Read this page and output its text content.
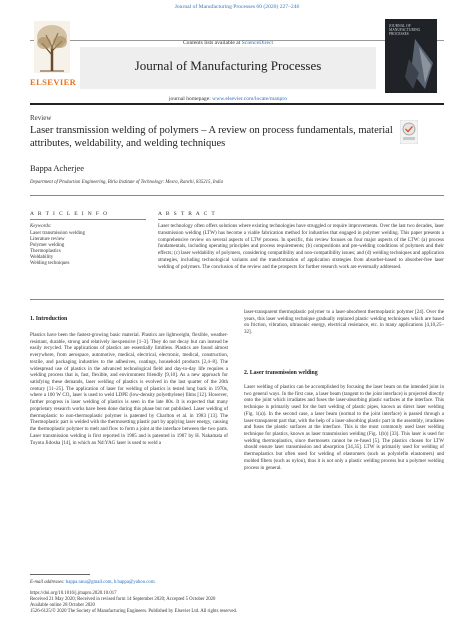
Journal of Manufacturing Processes 60 (2020) 227–246
Contents lists available at ScienceDirect
Journal of Manufacturing Processes
journal homepage: www.elsevier.com/locate/manpro
ELSEVIER
JOURNAL OF MANUFACTURING PROCESSES
Review
Laser transmission welding of polymers – A review on process fundamentals, material attributes, weldability, and welding techniques
Bappa Acherjee
Department of Production Engineering, Birla Institute of Technology: Mesra, Ranchi, 835215, India
A R T I C L E I N F O	A B S T R A C T
Keywords:
Laser transmission welding
Literature review
Polymer welding
Thermoplastics
Weldability
Welding techniques
Laser technology often offers solutions where existing technologies have struggled or require improvements. Over the last two decades, laser transmission welding (LTW) has become a viable fabrication method for industries that engaged in polymer welding. This paper presents a comprehensive review on several aspects of LTW process. In specific, this review focuses on four major aspects of the LTW: (a) process fundamentals, including operating principles and process requirements; (b) compositions and pre-welding conditions of polymers and their effects; (c) laser weldability of polymers, considering compatibility and non-compatibility issues; and (d) welding techniques and application strategies, including technological variants and the transformation of application strategies from absorber-based to absorber-free laser welding of polymers. The conclusion of the review and the prospects for further research work are eventually addressed.
1. Introduction
Plastics have been the fastest-growing basic material. Plastics are lightweight, flexible, weather-resistant, durable, strong and relatively inexpensive [1–3]. They do not decay but can instead be easily recycled. The applications of plastics are essentially limitless. Plastics are found almost everywhere, from aerospace, automotive, medical, electrical, electronic, medical, construction, textile, and packaging industries to the adhesives, coatings, household products [2,4–8]. The widespread use of plastics in the advanced technological field and day-to-day life requires a welding process that is, fast, flexible, and environment friendly [9,10]. As a new approach for satisfying these demands, laser welding of plastics is evolved in the last quarter of the 20th century [11–25]. The application of laser for welding of plastics is tested long back in 1970s, where a 100 W CO₂ laser is used to weld LDPE (low-density polyethylene) films [12]. However, further progress in laser welding of plastics is seen in the late 80s. It is expected that many proprietary research works have been done during this phase but not published. Laser welding of thermoplastic to non-thermoplastic polymer is patented by Charlton et al. in 1983 [13]. The Thermoplastic part is welded with the thermosetting plastic part by applying laser energy, causing the thermoplastic polymer to melt and flow to form a joint at the interface between the two parts. Laser transmission welding is first reported in 1985 and is patented in 1987 by H. Nakamata of Toyota Jidosha [14], in which an Nd:YAG laser is used to weld a
laser-transparent thermoplastic polymer to a laser-absorbent thermoplastic polymer [24]. Over the years, this laser welding technique gradually replaced plastic welding techniques which are based on friction, vibration, ultrasonic energy, electrical resistance, etc. in many applications [4,10,25–32].
2. Laser transmission welding
Laser welding of plastics can be accomplished by focusing the laser beam on the intended joint in two general ways. In the first case, a laser beam (tangent to the joint interface) is projected directly onto the joint which irradiates and fuses the laser-absorbing plastic surfaces at the interface. This technique is primarily used for the butt welding of plastic pipes, known as direct laser welding (Fig. 1(a)). In the second case, a laser beam (normal to the joint interface) is passed through a laser-transparent part that, with the help of a laser-absorbing plastic part in the assembly, irradiates and fuses the plastic surfaces at the interface. This is the most commonly used laser welding technique for plastics, known as laser transmission welding (Fig. 1(b)) [33]. This laser is used for welding thermoplastics, since thermosets cannot be re-fused [5]. The plastics chosen for LTW should ensure laser transmission and absorption [34,35]. LTW is primarily used for welding of thermoplastics but often used for welding of elastomers (such as polyolefin elastomers) and molded fibers (such as nylon), thus it is not only a plastic welding process but a polymer welding process in general.
E-mail addresses: bappa.rana@gmail.com, b.bappa@yahoo.com.
https://doi.org/10.1016/j.jmapro.2020.10.017
Received 21 May 2020; Received in revised form 14 September 2020; Accepted 5 October 2020
Available online 28 October 2020
1526-6125/© 2020 The Society of Manufacturing Engineers. Published by Elsevier Ltd. All rights reserved.
